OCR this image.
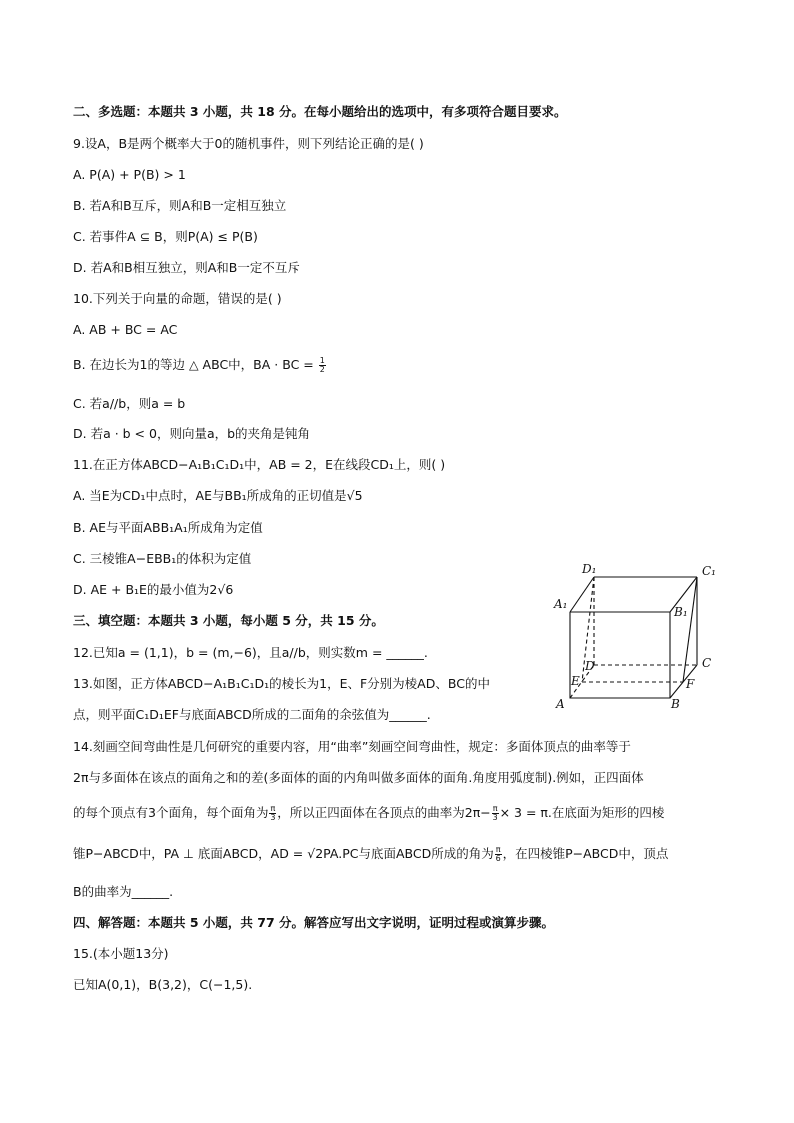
二、多选题：本题共 3 小题，共 18 分。在每小题给出的选项中，有多项符合题目要求。
9.设A，B是两个概率大于0的随机事件，则下列结论正确的是( )
A. P(A) + P(B) > 1
B. 若A和B互斥，则A和B一定相互独立
C. 若事件A ⊆ B，则P(A) ≤ P(B)
D. 若A和B相互独立，则A和B一定不互斥
10.下列关于向量的命题，错误的是( )
A. AB + BC = AC
B. 在边长为1的等边 △ ABC中，BA · BC = $\frac{1}{2}$
C. 若a//b，则a = b
D. 若a · b < 0，则向量a，b的夹角是钝角
11.在正方体ABCD−A₁B₁C₁D₁中，AB = 2，E在线段CD₁上，则( )
A. 当E为CD₁中点时，AE与BB₁所成角的正切值是√5
B. AE与平面ABB₁A₁所成角为定值
C. 三棱锥A−EBB₁的体积为定值
D. AE + B₁E的最小值为2√6
三、填空题：本题共 3 小题，每小题 5 分，共 15 分。
12.已知a = (1,1)，b = (m,−6)，且a//b，则实数m = ______.
13.如图，正方体ABCD−A₁B₁C₁D₁的棱长为1，E、F分别为棱AD、BC的中
点，则平面C₁D₁EF与底面ABCD所成的二面角的余弦值为______.
D₁	C₁
A₁
B₁
D	C
E	F
A	B
14.刻画空间弯曲性是几何研究的重要内容，用“曲率”刻画空间弯曲性，规定：多面体顶点的曲率等于
2π与多面体在该点的面角之和的差(多面体的面的内角叫做多面体的面角.角度用弧度制).例如，正四面体
的每个顶点有3个面角，每个面角为 $\frac{\pi}{3}$ ，所以正四面体在各顶点的曲率为$2\pi- \frac{\pi}{3} \times 3 = \pi$.在底面为矩形的四棱
锥P−ABCD中，PA ⊥ 底面ABCD，AD = √2PA.PC与底面ABCD所成的角为 $\frac{\pi}{6}$ ，在四棱锥P−ABCD中，顶点
B的曲率为______.
四、解答题：本题共 5 小题，共 77 分。解答应写出文字说明，证明过程或演算步骤。
15.(本小题13分)
已知A(0,1)，B(3,2)，C(−1,5).
